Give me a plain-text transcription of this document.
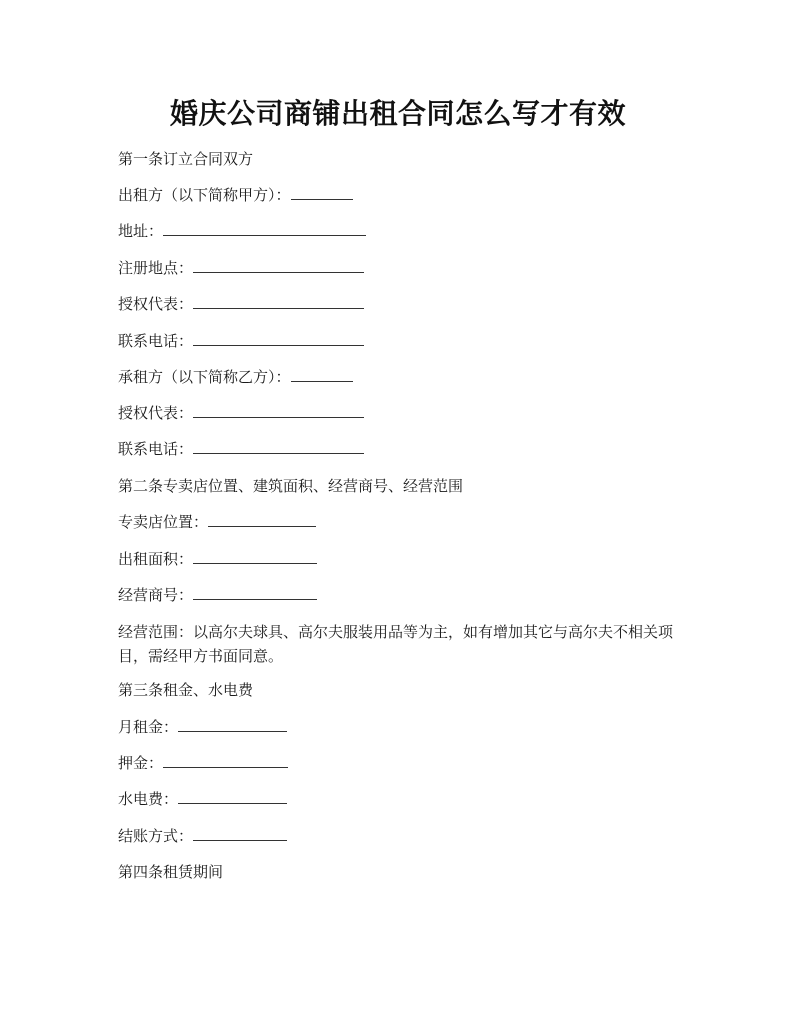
婚庆公司商铺出租合同怎么写才有效
第一条订立合同双方
出租方（以下简称甲方）：
地址：
注册地点：
授权代表：
联系电话：
承租方（以下简称乙方）：
授权代表：
联系电话：
第二条专卖店位置、建筑面积、经营商号、经营范围
专卖店位置：
出租面积：
经营商号：
经营范围：以高尔夫球具、高尔夫服装用品等为主，如有增加其它与高尔夫不相关项目，需经甲方书面同意。
第三条租金、水电费
月租金：
押金：
水电费：
结账方式：
第四条租赁期间
